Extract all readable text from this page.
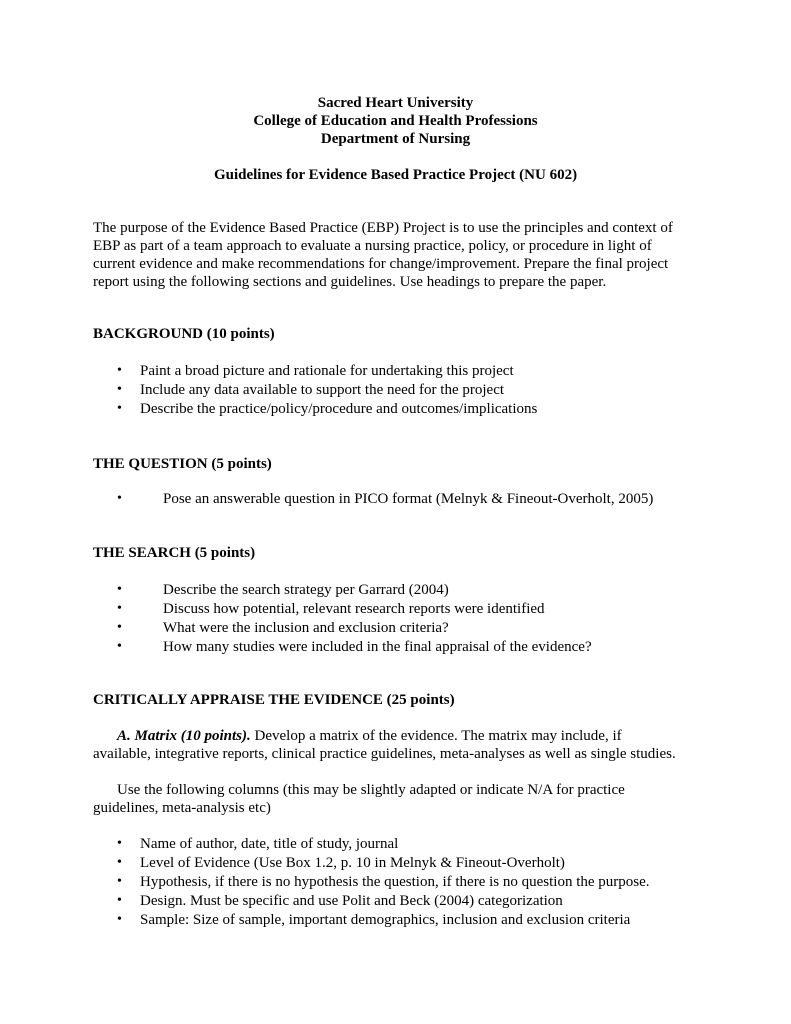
Sacred Heart University
College of Education and Health Professions
Department of Nursing
Guidelines for Evidence Based Practice Project (NU 602)
The purpose of the Evidence Based Practice (EBP) Project is to use the principles and context of
EBP as part of a team approach to evaluate a nursing practice, policy, or procedure in light of
current evidence and make recommendations for change/improvement. Prepare the final project
report using the following sections and guidelines. Use headings to prepare the paper.
BACKGROUND (10 points)
• Paint a broad picture and rationale for undertaking this project
• Include any data available to support the need for the project
• Describe the practice/policy/procedure and outcomes/implications
THE QUESTION (5 points)
•	Pose an answerable question in PICO format (Melnyk & Fineout-Overholt, 2005)
THE SEARCH (5 points)
•	Describe the search strategy per Garrard (2004)
•	Discuss how potential, relevant research reports were identified
•	What were the inclusion and exclusion criteria?
•	How many studies were included in the final appraisal of the evidence?
CRITICALLY APPRAISE THE EVIDENCE (25 points)
A. Matrix (10 points). Develop a matrix of the evidence. The matrix may include, if
available, integrative reports, clinical practice guidelines, meta-analyses as well as single studies.
Use the following columns (this may be slightly adapted or indicate N/A for practice
guidelines, meta-analysis etc)
• Name of author, date, title of study, journal
• Level of Evidence (Use Box 1.2, p. 10 in Melnyk & Fineout-Overholt)
• Hypothesis, if there is no hypothesis the question, if there is no question the purpose.
• Design. Must be specific and use Polit and Beck (2004) categorization
• Sample: Size of sample, important demographics, inclusion and exclusion criteria
